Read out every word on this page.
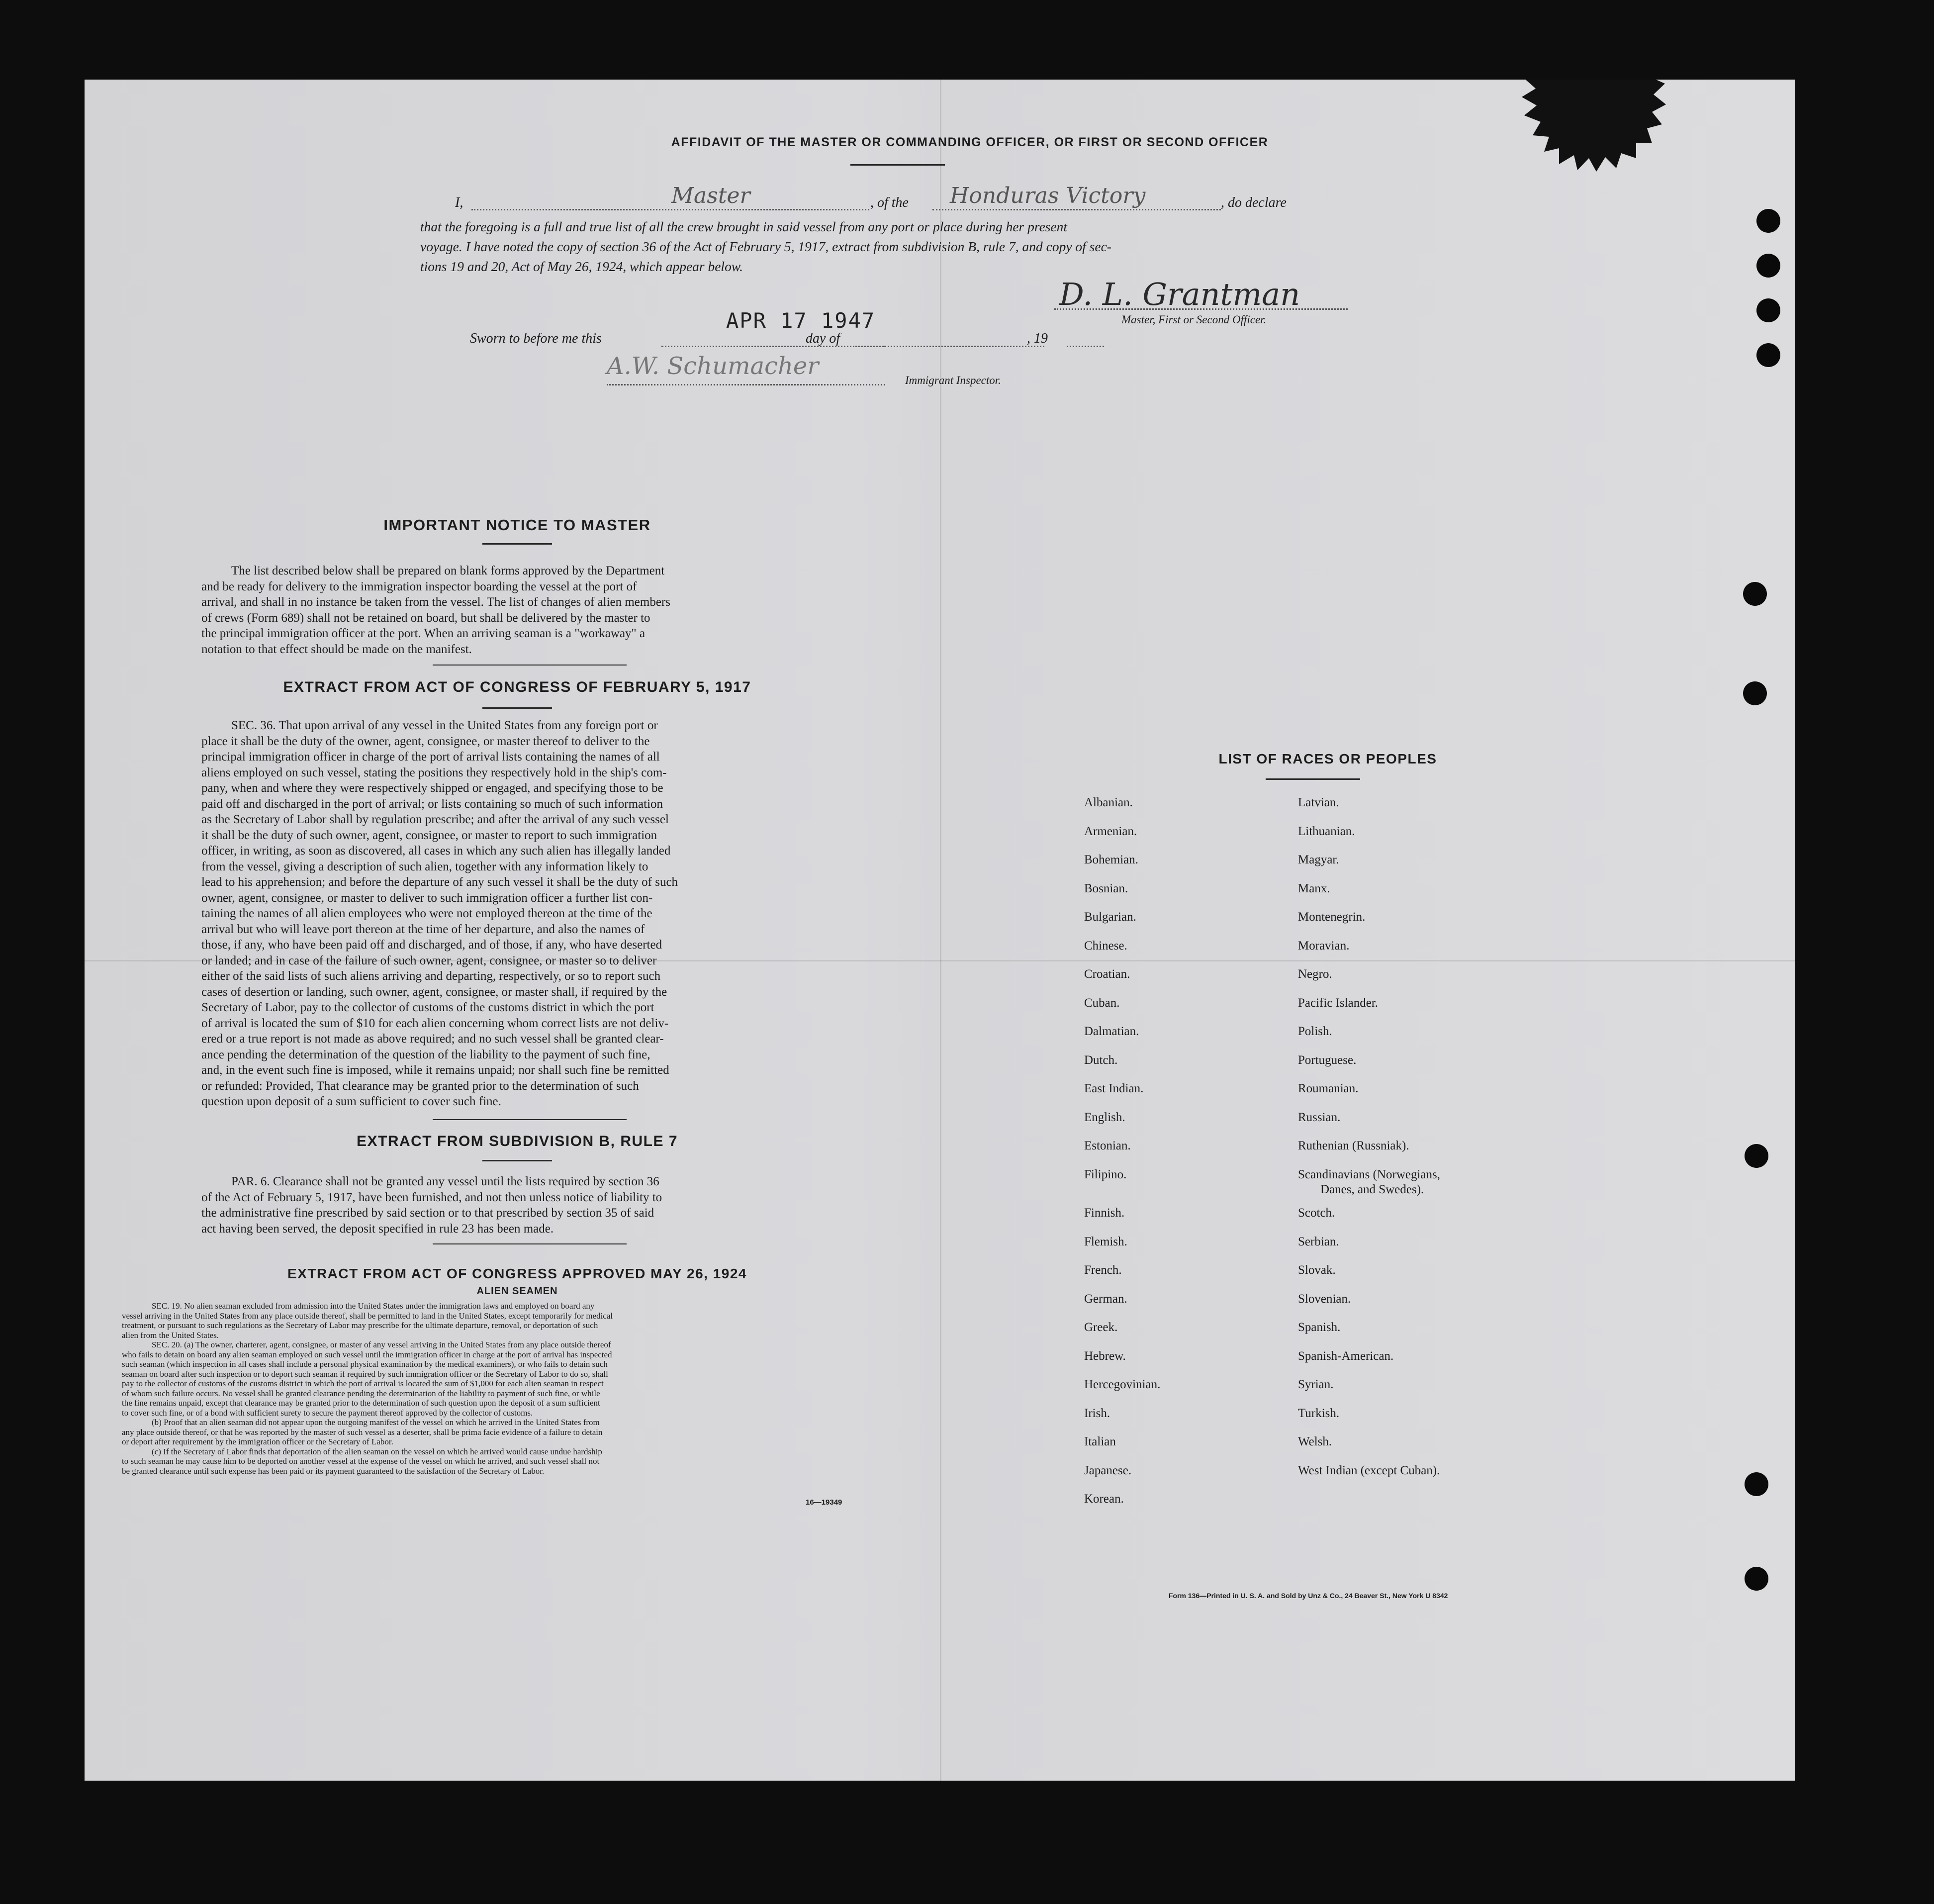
AFFIDAVIT OF THE MASTER OR COMMANDING OFFICER, OR FIRST OR SECOND OFFICER
I,	Master	, of the Honduras Victory	, do declare
that the foregoing is a full and true list of all the crew brought in said vessel from any port or place during her present
voyage. I have noted the copy of section 36 of the Act of February 5, 1917, extract from subdivision B, rule 7, and copy of sec-
tions 19 and 20, Act of May 26, 1924, which appear below.
D. L. Grantman
Master, First or Second Officer.
Sworn to before me this
APR 17 1947
day of	, 19
A.W. Schumacher
Immigrant Inspector.
IMPORTANT NOTICE TO MASTER
The list described below shall be prepared on blank forms approved by the Department
and be ready for delivery to the immigration inspector boarding the vessel at the port of
arrival, and shall in no instance be taken from the vessel. The list of changes of alien members
of crews (Form 689) shall not be retained on board, but shall be delivered by the master to
the principal immigration officer at the port. When an arriving seaman is a "workaway" a
notation to that effect should be made on the manifest.
EXTRACT FROM ACT OF CONGRESS OF FEBRUARY 5, 1917
SEC. 36. That upon arrival of any vessel in the United States from any foreign port or
place it shall be the duty of the owner, agent, consignee, or master thereof to deliver to the
principal immigration officer in charge of the port of arrival lists containing the names of all
aliens employed on such vessel, stating the positions they respectively hold in the ship's com-
pany, when and where they were respectively shipped or engaged, and specifying those to be
paid off and discharged in the port of arrival; or lists containing so much of such information
as the Secretary of Labor shall by regulation prescribe; and after the arrival of any such vessel
it shall be the duty of such owner, agent, consignee, or master to report to such immigration
officer, in writing, as soon as discovered, all cases in which any such alien has illegally landed
from the vessel, giving a description of such alien, together with any information likely to
lead to his apprehension; and before the departure of any such vessel it shall be the duty of such
owner, agent, consignee, or master to deliver to such immigration officer a further list con-
taining the names of all alien employees who were not employed thereon at the time of the
arrival but who will leave port thereon at the time of her departure, and also the names of
those, if any, who have been paid off and discharged, and of those, if any, who have deserted
or landed; and in case of the failure of such owner, agent, consignee, or master so to deliver
either of the said lists of such aliens arriving and departing, respectively, or so to report such
cases of desertion or landing, such owner, agent, consignee, or master shall, if required by the
Secretary of Labor, pay to the collector of customs of the customs district in which the port
of arrival is located the sum of $10 for each alien concerning whom correct lists are not deliv-
ered or a true report is not made as above required; and no such vessel shall be granted clear-
ance pending the determination of the question of the liability to the payment of such fine,
and, in the event such fine is imposed, while it remains unpaid; nor shall such fine be remitted
or refunded: Provided, That clearance may be granted prior to the determination of such
question upon deposit of a sum sufficient to cover such fine.
EXTRACT FROM SUBDIVISION B, RULE 7
PAR. 6. Clearance shall not be granted any vessel until the lists required by section 36
of the Act of February 5, 1917, have been furnished, and not then unless notice of liability to
the administrative fine prescribed by said section or to that prescribed by section 35 of said
act having been served, the deposit specified in rule 23 has been made.
EXTRACT FROM ACT OF CONGRESS APPROVED MAY 26, 1924
ALIEN SEAMEN
SEC. 19. No alien seaman excluded from admission into the United States under the immigration laws and employed on board any
vessel arriving in the United States from any place outside thereof, shall be permitted to land in the United States, except temporarily for medical
treatment, or pursuant to such regulations as the Secretary of Labor may prescribe for the ultimate departure, removal, or deportation of such
alien from the United States.
SEC. 20. (a) The owner, charterer, agent, consignee, or master of any vessel arriving in the United States from any place outside thereof
who fails to detain on board any alien seaman employed on such vessel until the immigration officer in charge at the port of arrival has inspected
such seaman (which inspection in all cases shall include a personal physical examination by the medical examiners), or who fails to detain such
seaman on board after such inspection or to deport such seaman if required by such immigration officer or the Secretary of Labor to do so, shall
pay to the collector of customs of the customs district in which the port of arrival is located the sum of $1,000 for each alien seaman in respect
of whom such failure occurs. No vessel shall be granted clearance pending the determination of the liability to payment of such fine, or while
the fine remains unpaid, except that clearance may be granted prior to the determination of such question upon the deposit of a sum sufficient
to cover such fine, or of a bond with sufficient surety to secure the payment thereof approved by the collector of customs.
(b) Proof that an alien seaman did not appear upon the outgoing manifest of the vessel on which he arrived in the United States from
any place outside thereof, or that he was reported by the master of such vessel as a deserter, shall be prima facie evidence of a failure to detain
or deport after requirement by the immigration officer or the Secretary of Labor.
(c) If the Secretary of Labor finds that deportation of the alien seaman on the vessel on which he arrived would cause undue hardship
to such seaman he may cause him to be deported on another vessel at the expense of the vessel on which he arrived, and such vessel shall not
be granted clearance until such expense has been paid or its payment guaranteed to the satisfaction of the Secretary of Labor.
16—19349
LIST OF RACES OR PEOPLES
Albanian.
Armenian.
Bohemian.
Bosnian.
Bulgarian.
Chinese.
Croatian.
Cuban.
Dalmatian.
Dutch.
East Indian.
English.
Estonian.
Filipino.
Finnish.
Flemish.
French.
German.
Greek.
Hebrew.
Hercegovinian.
Irish.
Italian
Japanese.
Korean.
Latvian.
Lithuanian.
Magyar.
Manx.
Montenegrin.
Moravian.
Negro.
Pacific Islander.
Polish.
Portuguese.
Roumanian.
Russian.
Ruthenian (Russniak).
Scandinavians (Norwegians,
Danes, and Swedes).
Scotch.
Serbian.
Slovak.
Slovenian.
Spanish.
Spanish-American.
Syrian.
Turkish.
Welsh.
West Indian (except Cuban).
Form 136—Printed in U. S. A. and Sold by Unz & Co., 24 Beaver St., New York U 8342
